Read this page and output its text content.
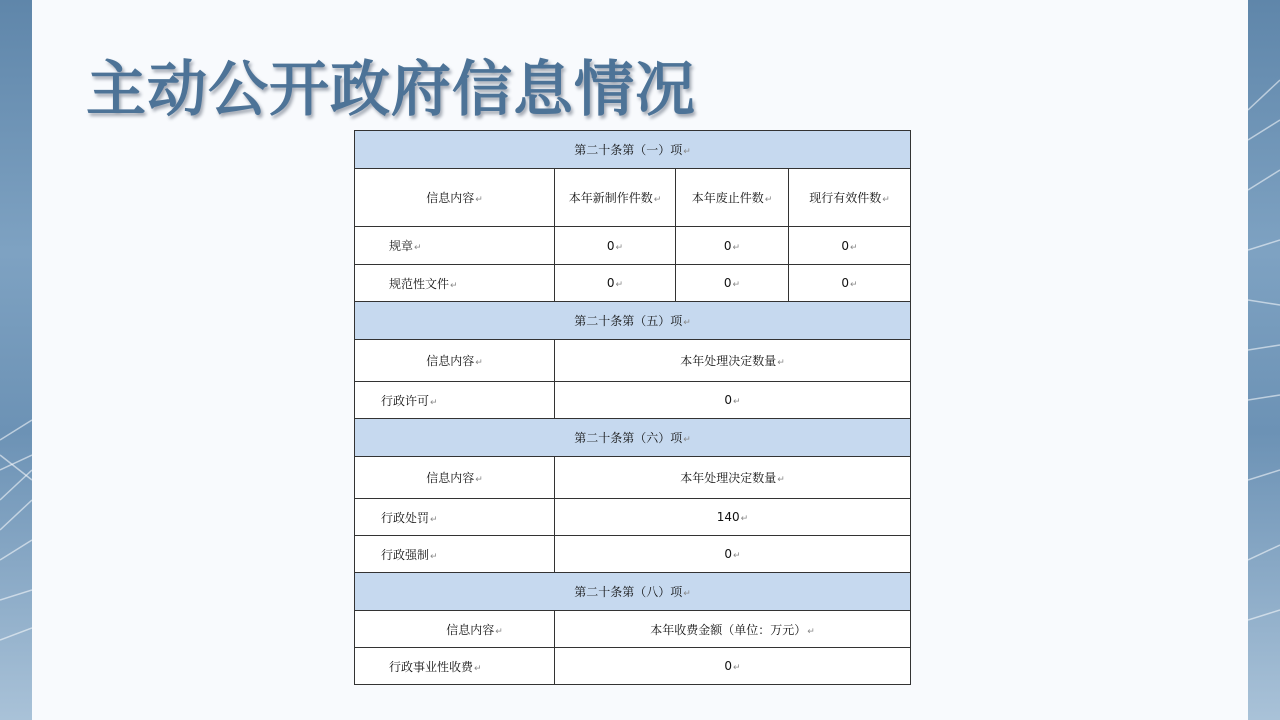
主动公开政府信息情况
第二十条第（一）项↵			
信息内容↵	本年新制作件数↵	本年废止件数↵	现行有效件数↵
规章↵	0↵	0↵	0↵
规范性文件↵	0↵	0↵	0↵
第二十条第（五）项↵			
信息内容↵	本年处理决定数量↵		
行政许可↵	0↵		
第二十条第（六）项↵			
信息内容↵	本年处理决定数量↵		
行政处罚↵	140↵		
行政强制↵	0↵		
第二十条第（八）项↵			
信息内容↵	本年收费金额（单位：万元）↵		
行政事业性收费↵	0↵		
